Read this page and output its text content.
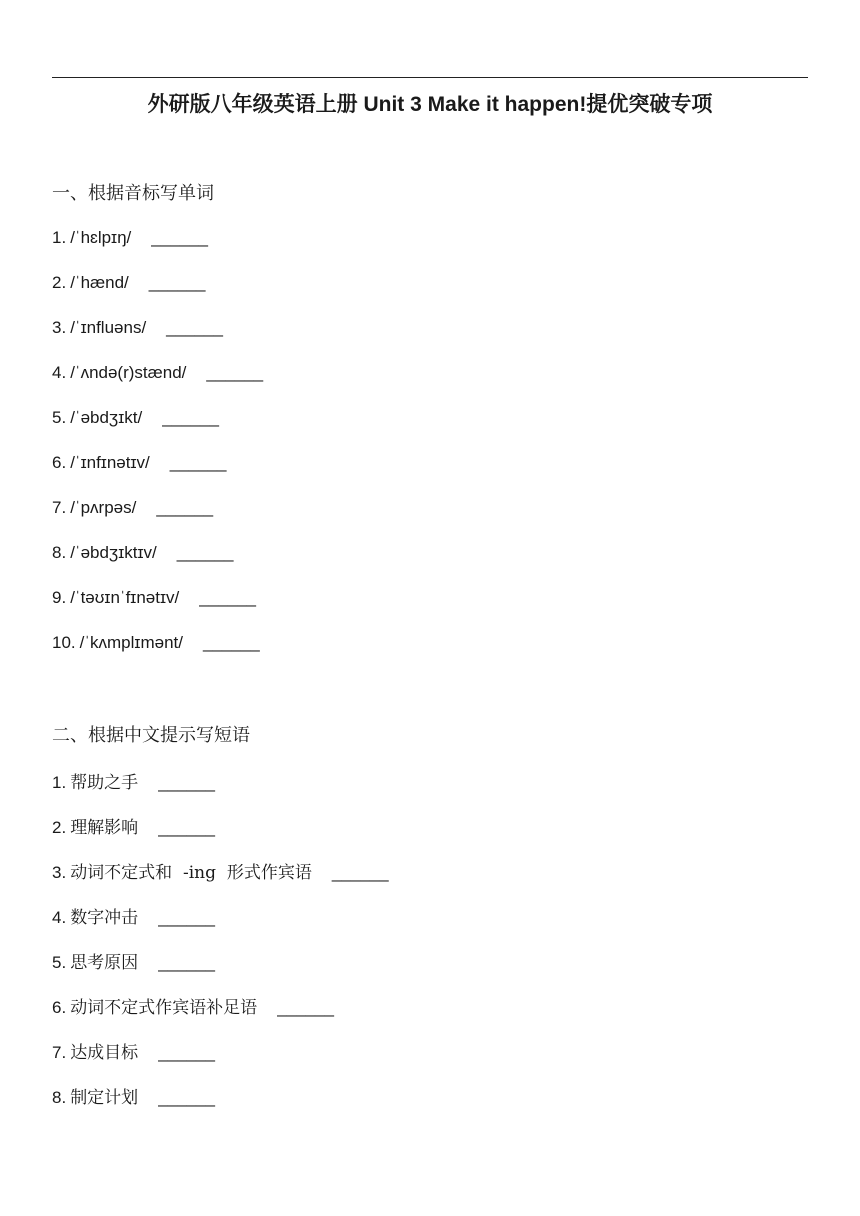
外研版八年级英语上册 Unit 3 Make it happen!提优突破专项
一、根据音标写单词
1. /ˈhɛlpɪŋ/ ______
2. /ˈhænd/ ______
3. /ˈɪnfluəns/ ______
4. /ˈʌndə(r)stænd/ ______
5. /ˈəbdʒɪkt/ ______
6. /ˈɪnfɪnətɪv/ ______
7. /ˈpʌrpəs/ ______
8. /ˈəbdʒɪktɪv/ ______
9. /ˈtəʊɪnˈfɪnətɪv/ ______
10. /ˈkʌmplɪmənt/ ______
二、根据中文提示写短语
1. 帮助之手 ______
2. 理解影响 ______
3. 动词不定式和  -ing  形式作宾语 ______
4. 数字冲击 ______
5. 思考原因 ______
6. 动词不定式作宾语补足语 ______
7. 达成目标 ______
8. 制定计划 ______
